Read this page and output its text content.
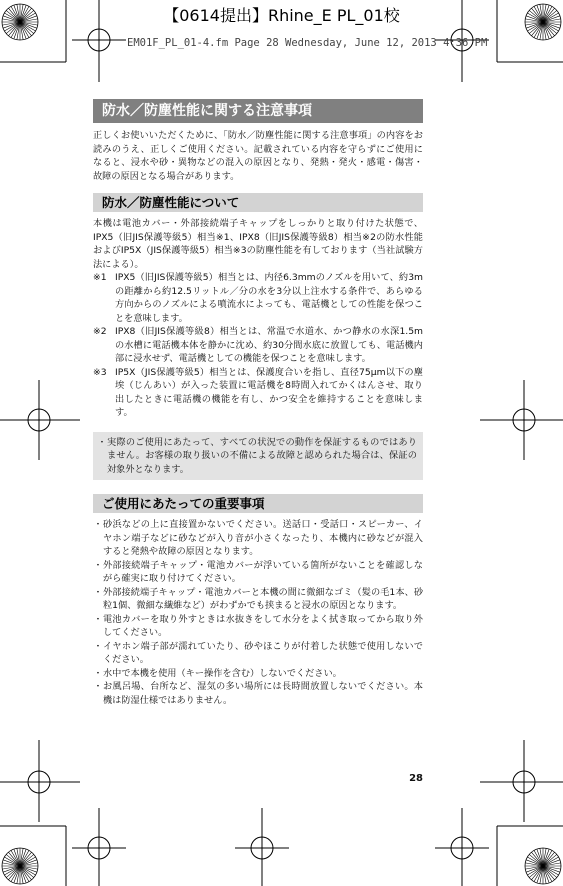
【0614提出】Rhine_E PL_01校
EM01F_PL_01-4.fm Page 28 Wednesday, June 12, 2013 4:36 PM
防水／防塵性能に関する注意事項

正しくお使いいただくために、「防水／防塵性能に関する注意事項」の内容をお読みのうえ、正しくご使用ください。記載されている内容を守らずにご使用になると、浸水や砂・異物などの混入の原因となり、発熱・発火・感電・傷害・故障の原因となる場合があります。

防水／防塵性能について

本機は電池カバー・外部接続端子キャップをしっかりと取り付けた状態で、IPX5（旧JIS保護等級5）相当※1、IPX8（旧JIS保護等級8）相当※2の防水性能およびIP5X（JIS保護等級5）相当※3の防塵性能を有しております（当社試験方法による）。

※1 IPX5（旧JIS保護等級5）相当とは、内径6.3mmのノズルを用いて、約3mの距離から約12.5リットル／分の水を3分以上注水する条件で、あらゆる方向からのノズルによる噴流水によっても、電話機としての性能を保つことを意味します。
※2 IPX8（旧JIS保護等級8）相当とは、常温で水道水、かつ静水の水深1.5mの水槽に電話機本体を静かに沈め、約30分間水底に放置しても、電話機内部に浸水せず、電話機としての機能を保つことを意味します。
※3 IP5X（JIS保護等級5）相当とは、保護度合いを指し、直径75μm以下の塵埃（じんあい）が入った装置に電話機を8時間入れてかくはんさせ、取り出したときに電話機の機能を有し、かつ安全を維持することを意味します。
・ 実際のご使用にあたって、すべての状況での動作を保証するものではありません。お客様の取り扱いの不備による故障と認められた場合は、保証の対象外となります。
ご使用にあたっての重要事項
・ 砂浜などの上に直接置かないでください。送話口・受話口・スピーカー、イヤホン端子などに砂などが入り音が小さくなったり、本機内に砂などが混入すると発熱や故障の原因となります。
・ 外部接続端子キャップ・電池カバーが浮いている箇所がないことを確認しながら確実に取り付けてください。
・ 外部接続端子キャップ・電池カバーと本機の間に微細なゴミ（髪の毛1本、砂粒1個、微細な繊維など）がわずかでも挟まると浸水の原因となります。
・ 電池カバーを取り外すときは水抜きをして水分をよく拭き取ってから取り外してください。
・ イヤホン端子部が濡れていたり、砂やほこりが付着した状態で使用しないでください。
・ 水中で本機を使用（キー操作を含む）しないでください。
・ お風呂場、台所など、湿気の多い場所には長時間放置しないでください。本機は防湿仕様ではありません。
28
